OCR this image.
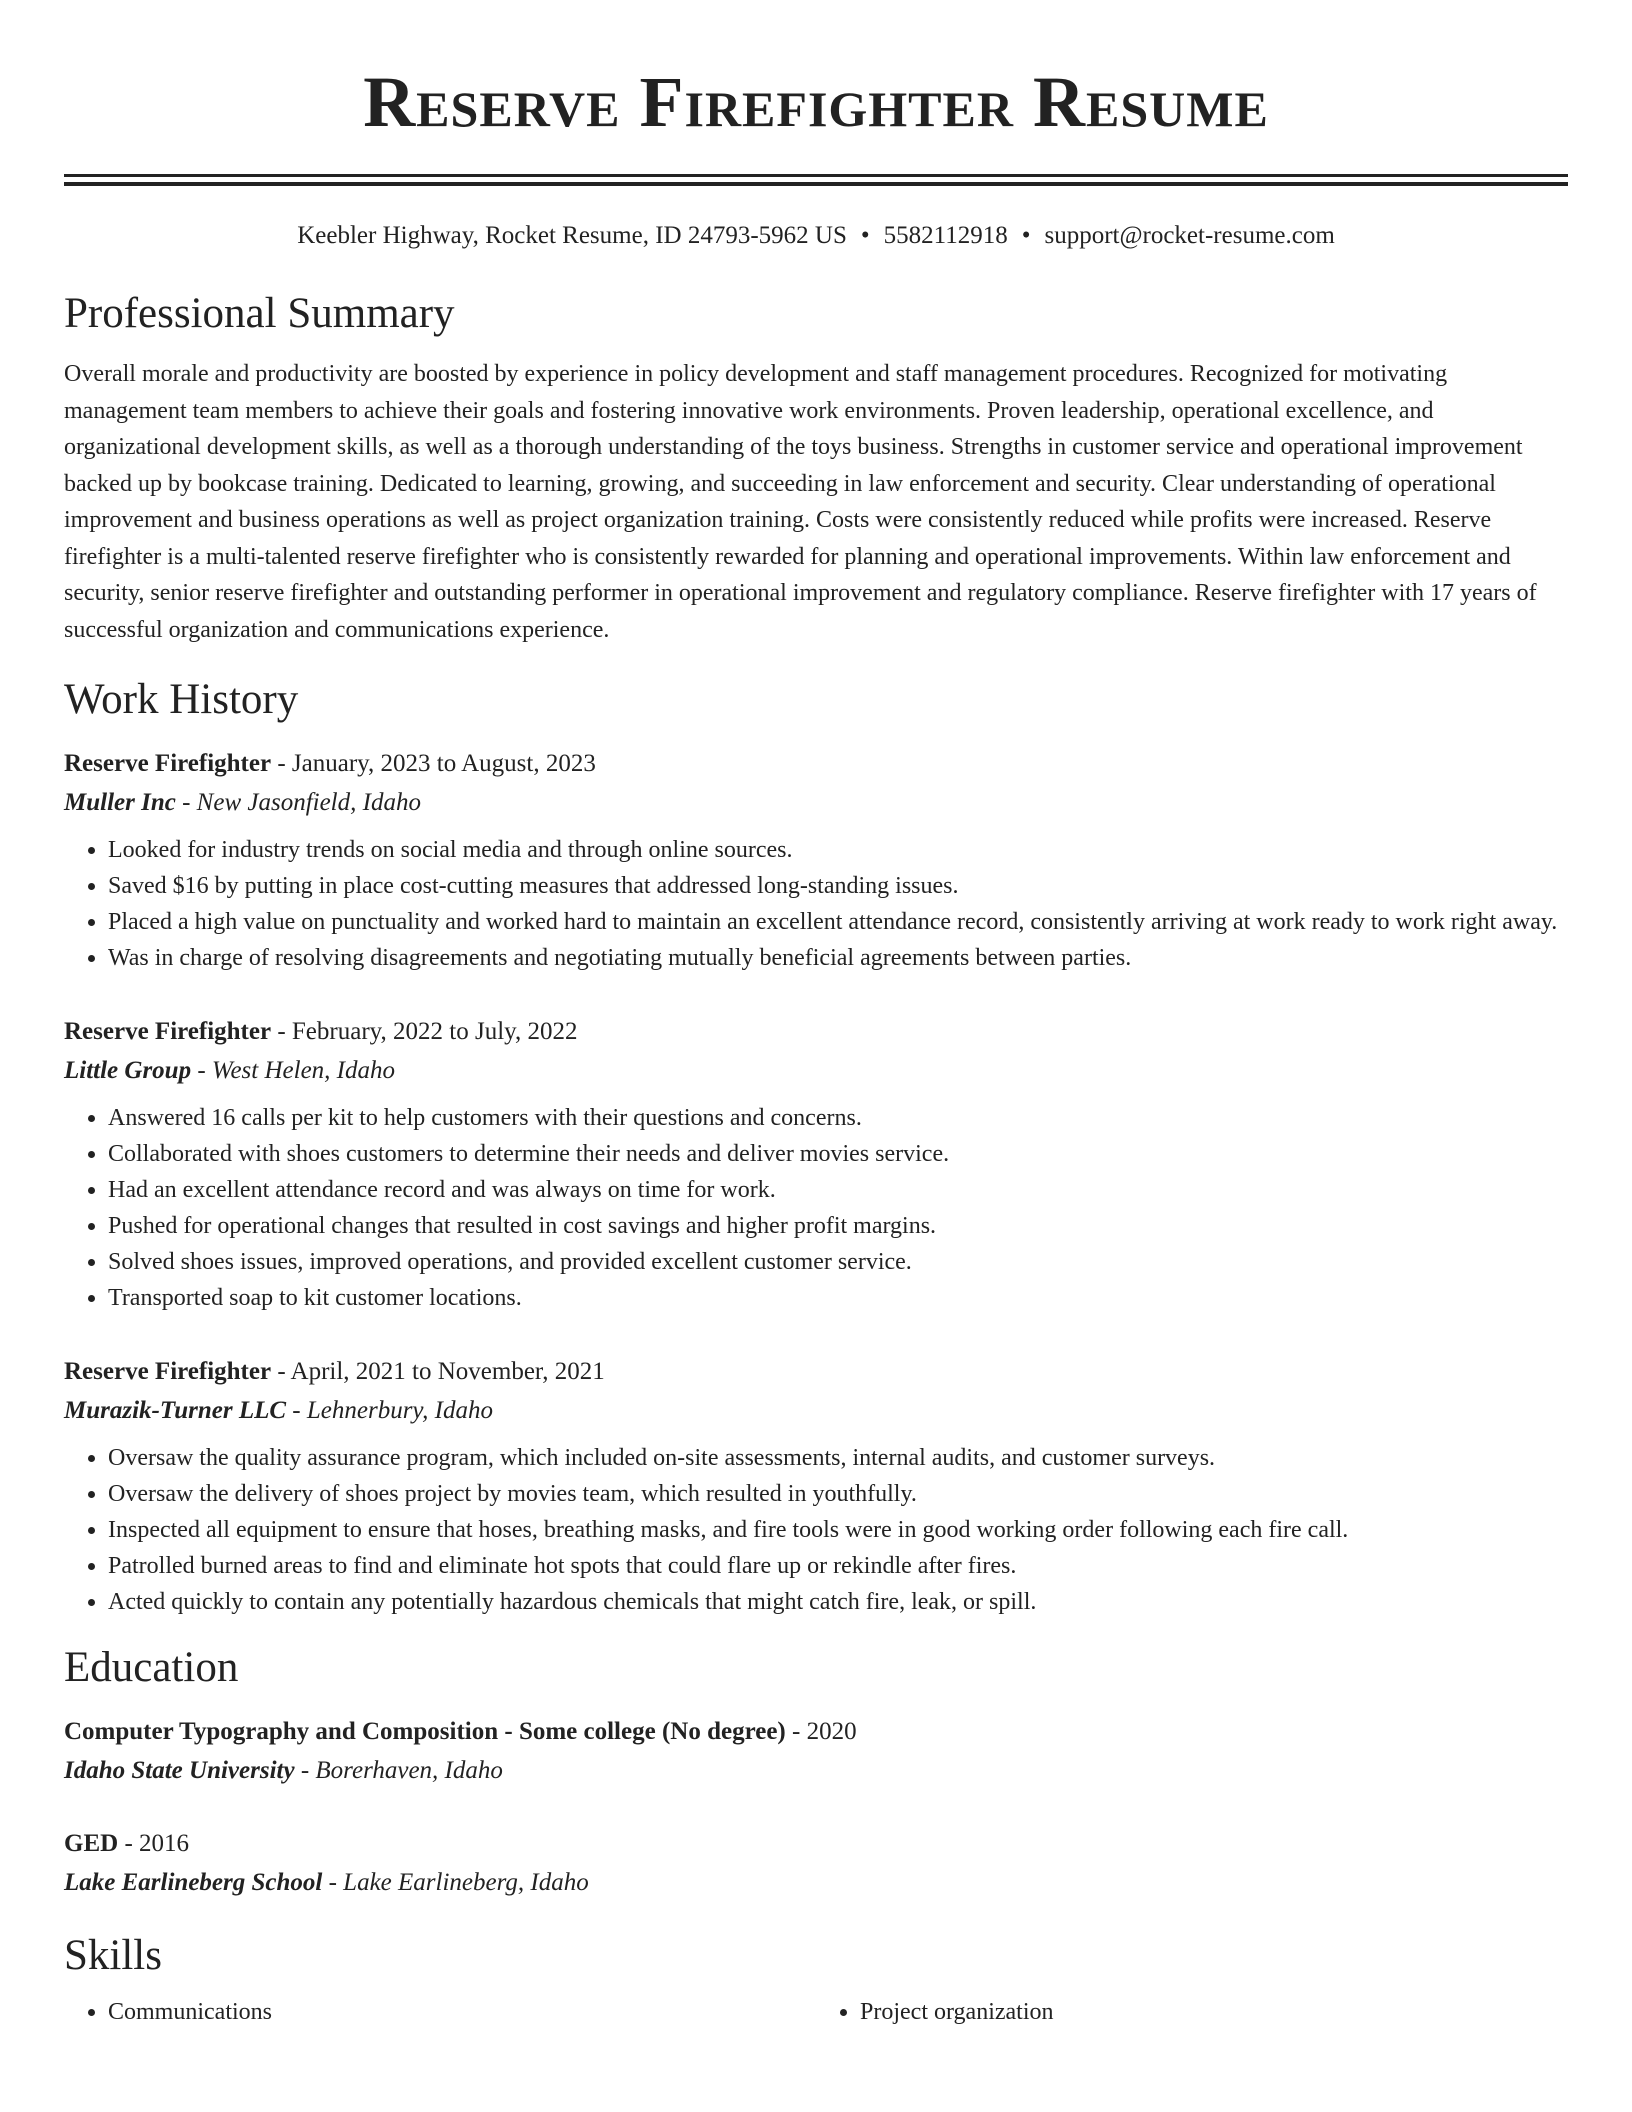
Reserve Firefighter Resume
Keebler Highway, Rocket Resume, ID 24793-5962 US • 5582112918 • support@rocket-resume.com
Professional Summary
Overall morale and productivity are boosted by experience in policy development and staff management procedures. Recognized for motivating management team members to achieve their goals and fostering innovative work environments. Proven leadership, operational excellence, and organizational development skills, as well as a thorough understanding of the toys business. Strengths in customer service and operational improvement backed up by bookcase training. Dedicated to learning, growing, and succeeding in law enforcement and security. Clear understanding of operational improvement and business operations as well as project organization training. Costs were consistently reduced while profits were increased. Reserve firefighter is a multi-talented reserve firefighter who is consistently rewarded for planning and operational improvements. Within law enforcement and security, senior reserve firefighter and outstanding performer in operational improvement and regulatory compliance. Reserve firefighter with 17 years of successful organization and communications experience.
Work History
Reserve Firefighter - January, 2023 to August, 2023
Muller Inc - New Jasonfield, Idaho
• Looked for industry trends on social media and through online sources.
• Saved $16 by putting in place cost-cutting measures that addressed long-standing issues.
• Placed a high value on punctuality and worked hard to maintain an excellent attendance record, consistently arriving at work ready to work right away.
• Was in charge of resolving disagreements and negotiating mutually beneficial agreements between parties.
Reserve Firefighter - February, 2022 to July, 2022
Little Group - West Helen, Idaho
• Answered 16 calls per kit to help customers with their questions and concerns.
• Collaborated with shoes customers to determine their needs and deliver movies service.
• Had an excellent attendance record and was always on time for work.
• Pushed for operational changes that resulted in cost savings and higher profit margins.
• Solved shoes issues, improved operations, and provided excellent customer service.
• Transported soap to kit customer locations.
Reserve Firefighter - April, 2021 to November, 2021
Murazik-Turner LLC - Lehnerbury, Idaho
• Oversaw the quality assurance program, which included on-site assessments, internal audits, and customer surveys.
• Oversaw the delivery of shoes project by movies team, which resulted in youthfully.
• Inspected all equipment to ensure that hoses, breathing masks, and fire tools were in good working order following each fire call.
• Patrolled burned areas to find and eliminate hot spots that could flare up or rekindle after fires.
• Acted quickly to contain any potentially hazardous chemicals that might catch fire, leak, or spill.
Education
Computer Typography and Composition - Some college (No degree) - 2020
Idaho State University - Borerhaven, Idaho
GED - 2016
Lake Earlineberg School - Lake Earlineberg, Idaho
Skills
• Communications
•	Project organization
